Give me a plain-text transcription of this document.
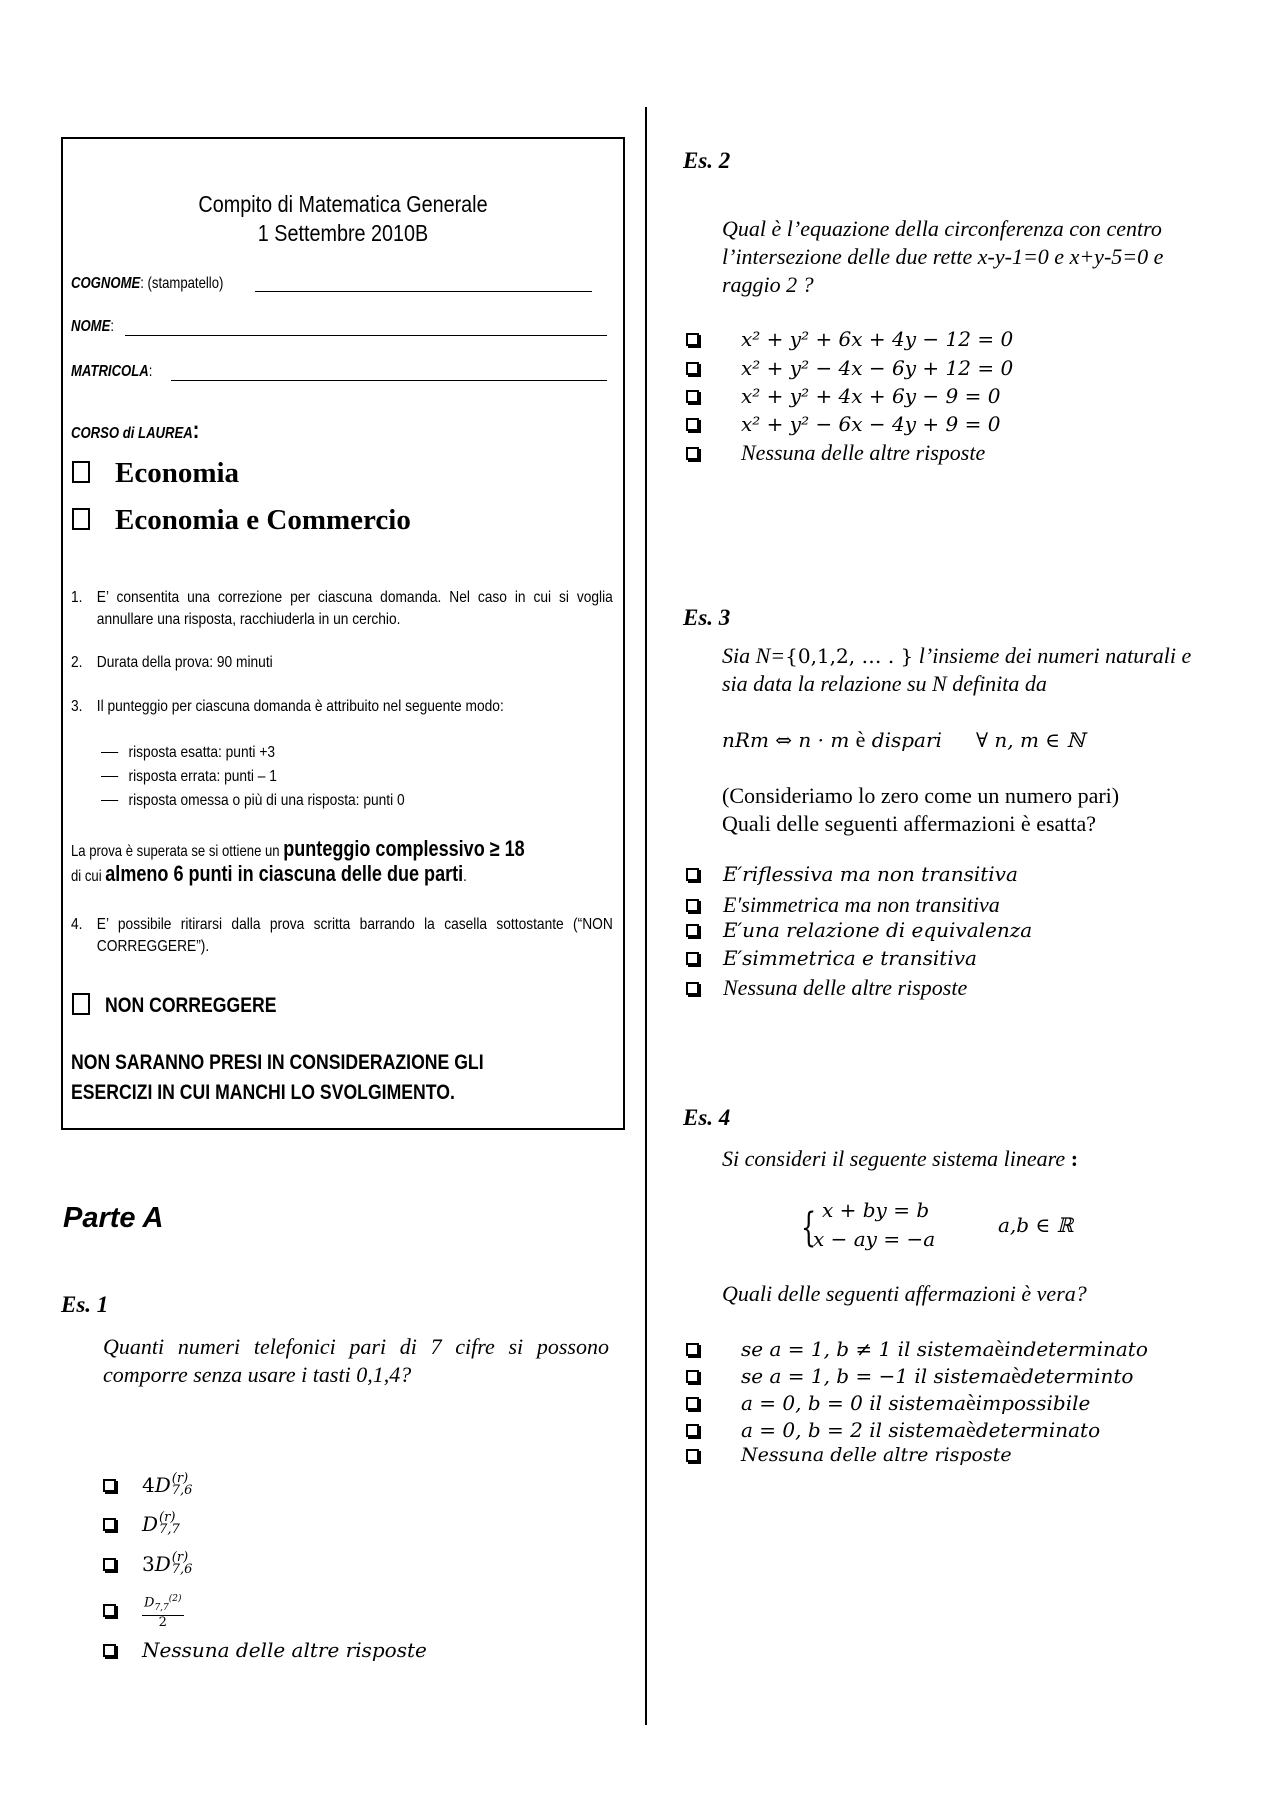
Compito di Matematica Generale
1 Settembre 2010B
COGNOME: (stampatello)
NOME:
MATRICOLA:
CORSO di LAUREA:
Economia
Economia e Commercio
1. E’ consentita una correzione per ciascuna domanda. Nel caso in cui si voglia annullare una risposta, racchiuderla in un cerchio.
2. Durata della prova: 90 minuti
3. Il punteggio per ciascuna domanda è attribuito nel seguente modo:
risposta esatta: punti +3
risposta errata: punti – 1
risposta omessa o più di una risposta: punti 0
La prova è superata se si ottiene un punteggio complessivo ≥ 18
di cui almeno 6 punti in ciascuna delle due parti.
4. E’ possibile ritirarsi dalla prova scritta barrando la casella sottostante (“NON CORREGGERE”).
NON CORREGGERE
NON SARANNO PRESI IN CONSIDERAZIONE GLI
ESERCIZI IN CUI MANCHI LO SVOLGIMENTO.
Parte A
Es. 1
Quanti numeri telefonici pari di 7 cifre si possono comporre senza usare i tasti 0,1,4?
4 D (r)
7,6
D (r)
7,7
3 D (r)
7,6
$\frac{D_{7,7}^{(2)}}{2}$
Nessuna delle altre risposte
Es. 2
Qual è l’equazione della circonferenza con centro l’intersezione delle due rette x-y-1=0 e x+y-5=0 e raggio 2 ?
x² + y² + 6x + 4y − 12 = 0
x² + y² − 4x − 6y + 12 = 0
x² + y² + 4x + 6y − 9 = 0
x² + y² − 6x − 4y + 9 = 0
Nessuna delle altre risposte
Es. 3
Sia N={0,1,2, … . } l’insieme dei numeri naturali e
sia data la relazione su N definita da
nRm ⇔ n · m è dispari ∀ n, m ∈ ℕ
(Consideriamo lo zero come un numero pari)
Quali delle seguenti affermazioni è esatta?
E′riflessiva ma non transitiva
E′simmetrica ma non transitiva
E′una relazione di equivalenza
E′simmetrica e transitiva
Nessuna delle altre risposte
Es. 4
Si consideri il seguente sistema lineare :
{ x + by = b
x − ay = −a
a,b ∈ ℝ
Quali delle seguenti affermazioni è vera?
se a = 1, b ≠ 1 il sistema è indeterminato
se a = 1, b = −1 il sistema è determinto
a = 0, b = 0 il sistema è impossibile
a = 0, b = 2 il sistema è determinato
Nessuna delle altre risposte
